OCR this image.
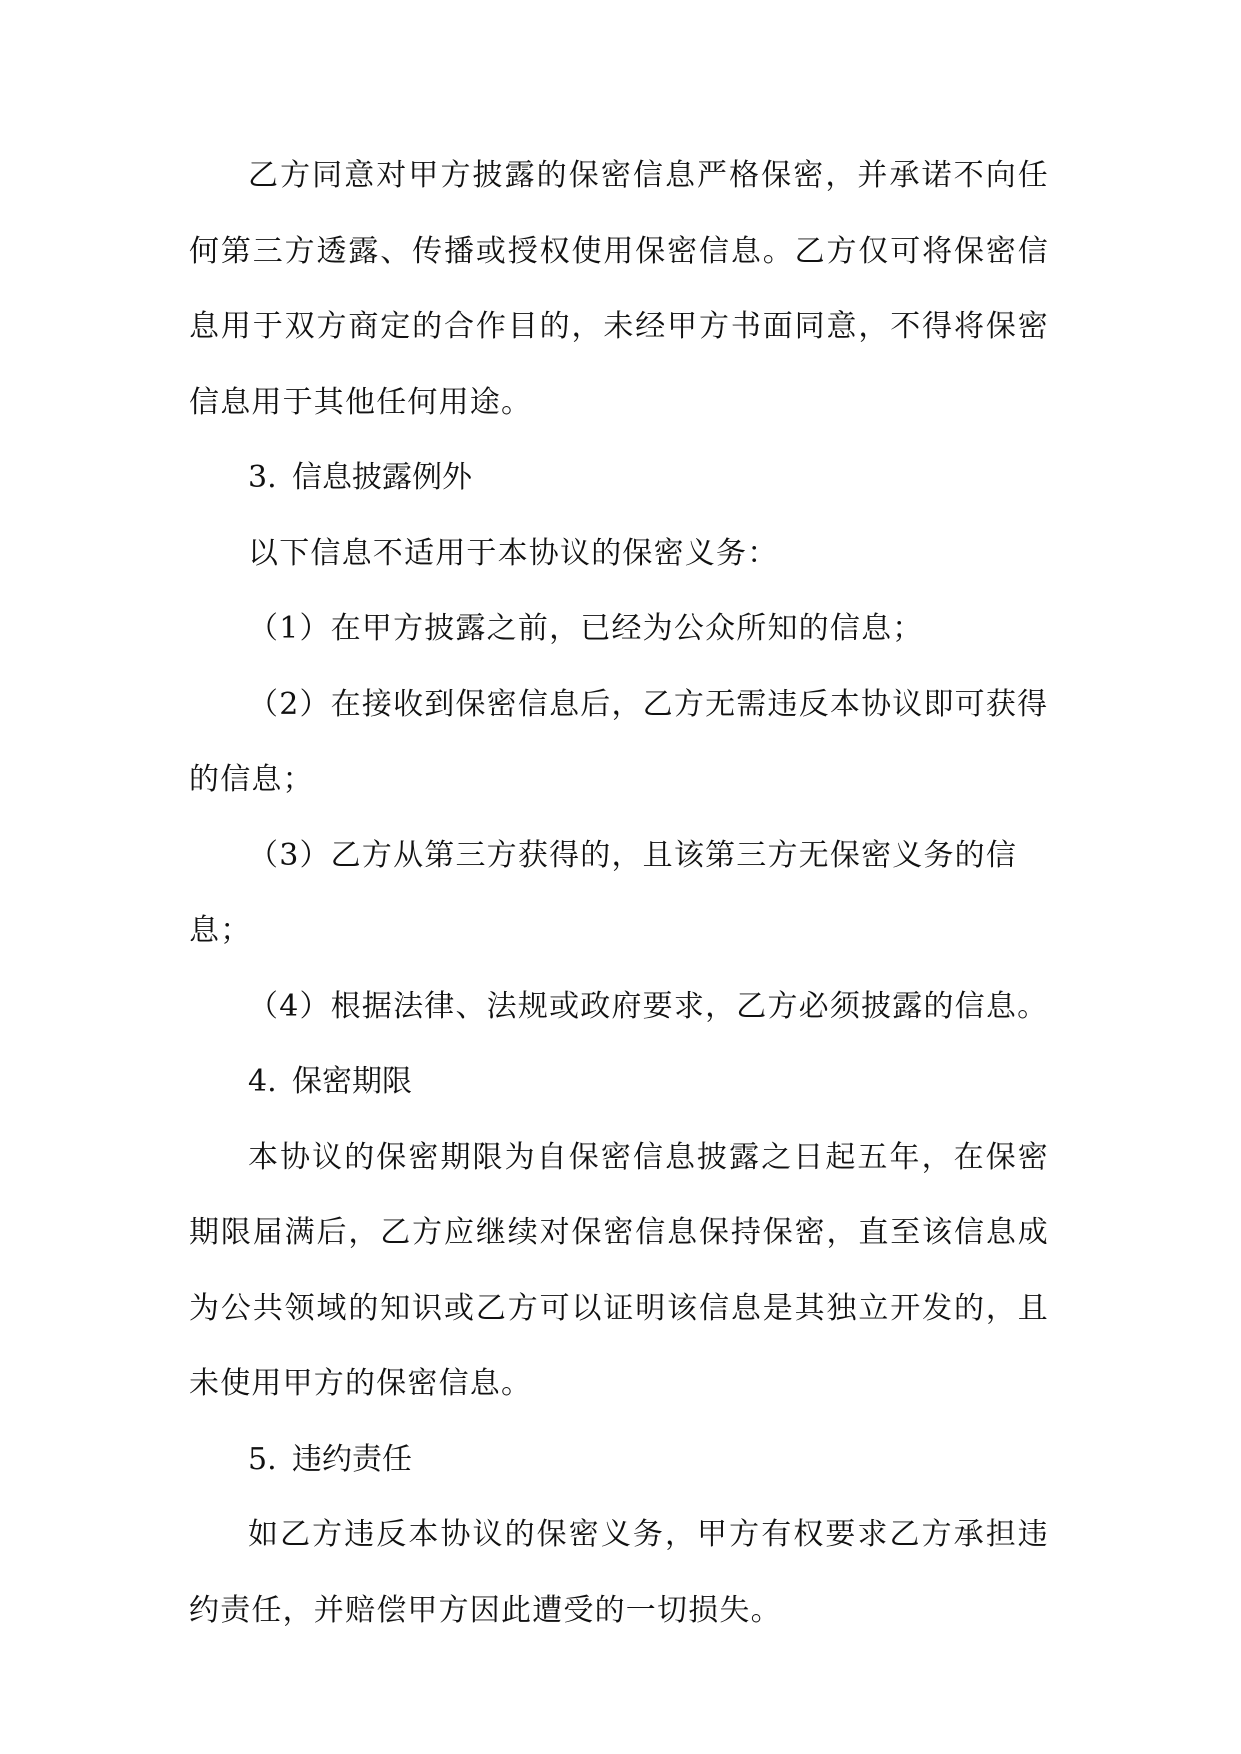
乙方同意对甲方披露的保密信息严格保密，并承诺不向任何第三方透露、传播或授权使用保密信息。乙方仅可将保密信息用于双方商定的合作目的，未经甲方书面同意，不得将保密信息用于其他任何用途。

3. 信息披露例外

以下信息不适用于本协议的保密义务：

（1）在甲方披露之前，已经为公众所知的信息；

（2）在接收到保密信息后，乙方无需违反本协议即可获得的信息；

（3）乙方从第三方获得的，且该第三方无保密义务的信息；

（4）根据法律、法规或政府要求，乙方必须披露的信息。

4. 保密期限

本协议的保密期限为自保密信息披露之日起五年，在保密期限届满后，乙方应继续对保密信息保持保密，直至该信息成为公共领域的知识或乙方可以证明该信息是其独立开发的，且未使用甲方的保密信息。

5. 违约责任

如乙方违反本协议的保密义务，甲方有权要求乙方承担违约责任，并赔偿甲方因此遭受的一切损失。
